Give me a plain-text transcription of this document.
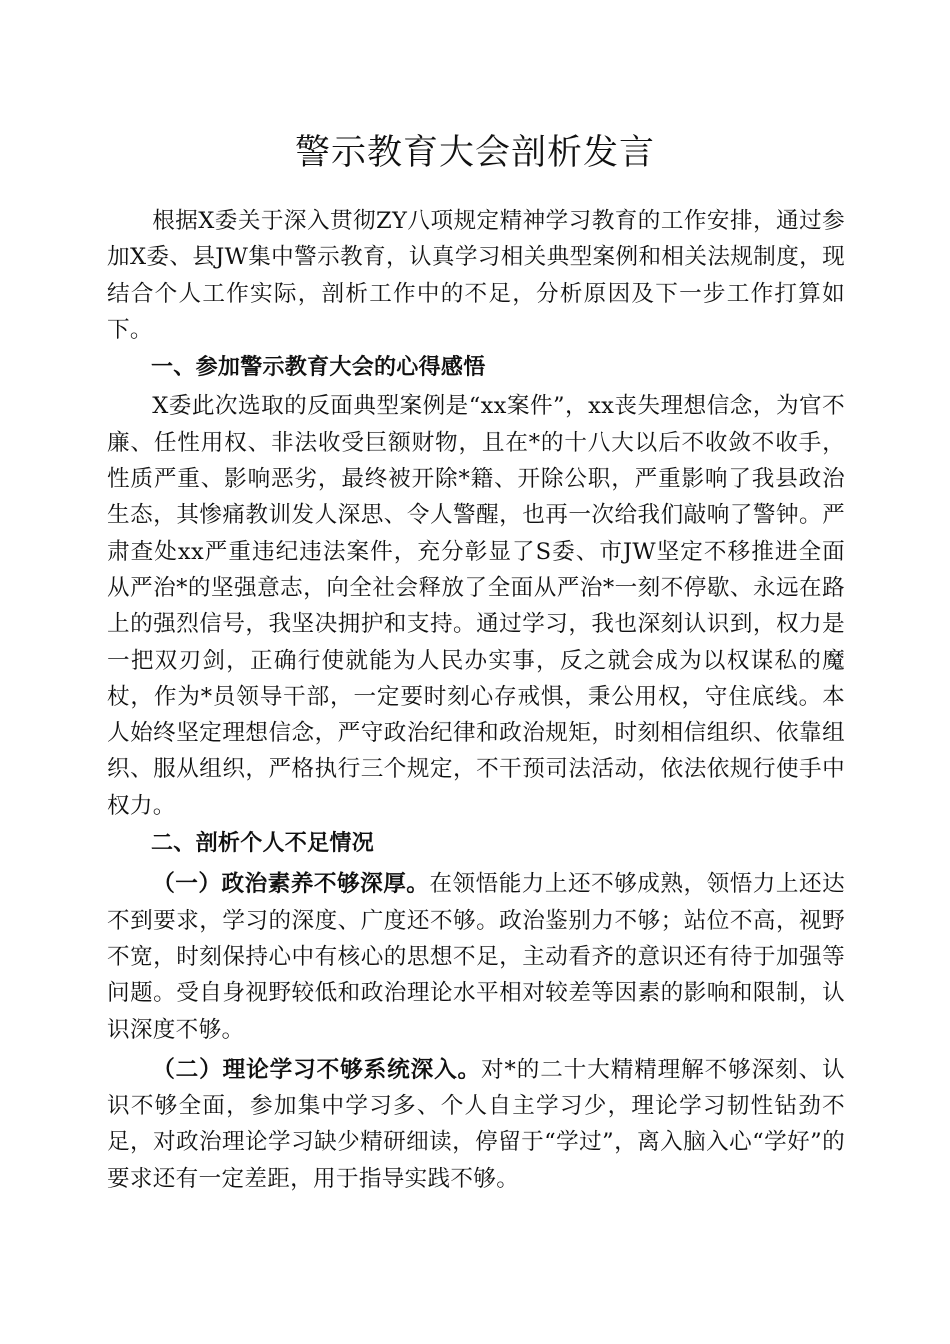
警示教育大会剖析发言

根据X委关于深入贯彻ZY八项规定精神学习教育的工作安排，通过参加X委、县JW集中警示教育，认真学习相关典型案例和相关法规制度，现结合个人工作实际，剖析工作中的不足，分析原因及下一步工作打算如下。

一、参加警示教育大会的心得感悟

X委此次选取的反面典型案例是“xx案件”，xx丧失理想信念，为官不廉、任性用权、非法收受巨额财物，且在*的十八大以后不收敛不收手，性质严重、影响恶劣，最终被开除*籍、开除公职，严重影响了我县政治生态，其惨痛教训发人深思、令人警醒，也再一次给我们敲响了警钟。严肃查处xx严重违纪违法案件，充分彰显了S委、市JW坚定不移推进全面从严治*的坚强意志，向全社会释放了全面从严治*一刻不停歇、永远在路上的强烈信号，我坚决拥护和支持。通过学习，我也深刻认识到，权力是一把双刃剑，正确行使就能为人民办实事，反之就会成为以权谋私的魔杖，作为*员领导干部，一定要时刻心存戒惧，秉公用权，守住底线。本人始终坚定理想信念，严守政治纪律和政治规矩，时刻相信组织、依靠组织、服从组织，严格执行三个规定，不干预司法活动，依法依规行使手中权力。

二、剖析个人不足情况

（一）政治素养不够深厚。在领悟能力上还不够成熟，领悟力上还达不到要求，学习的深度、广度还不够。政治鉴别力不够；站位不高，视野不宽，时刻保持心中有核心的思想不足，主动看齐的意识还有待于加强等问题。受自身视野较低和政治理论水平相对较差等因素的影响和限制，认识深度不够。

（二）理论学习不够系统深入。对*的二十大精精理解不够深刻、认识不够全面，参加集中学习多、个人自主学习少，理论学习韧性钻劲不足，对政治理论学习缺少精研细读，停留于“学过”，离入脑入心“学好”的要求还有一定差距，用于指导实践不够。
